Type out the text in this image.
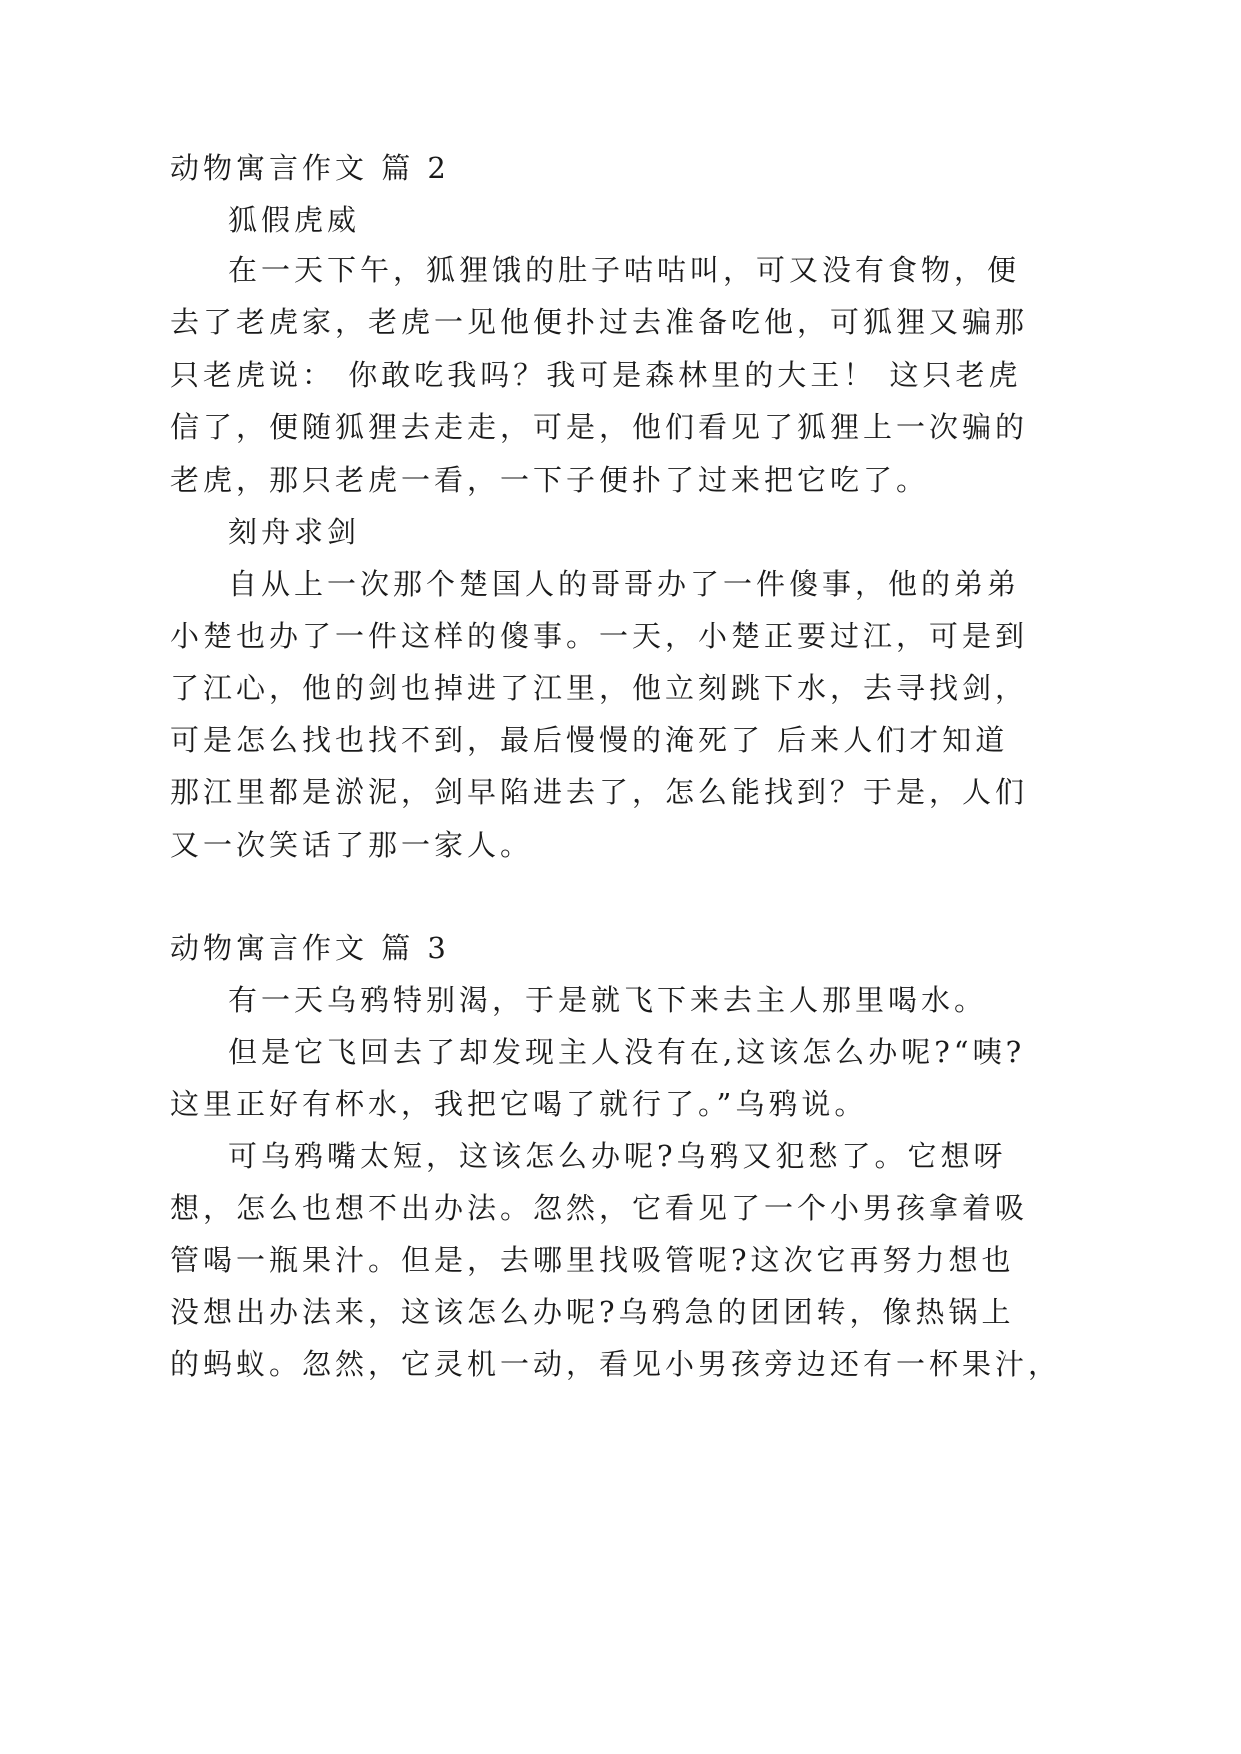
动物寓言作文 篇 2
狐假虎威
在一天下午，狐狸饿的肚子咕咕叫，可又没有食物，便
去了老虎家，老虎一见他便扑过去准备吃他，可狐狸又骗那
只老虎说： 你敢吃我吗？我可是森林里的大王！ 这只老虎
信了，便随狐狸去走走，可是，他们看见了狐狸上一次骗的
老虎，那只老虎一看，一下子便扑了过来把它吃了。
刻舟求剑
自从上一次那个楚国人的哥哥办了一件傻事，他的弟弟
小楚也办了一件这样的傻事。一天，小楚正要过江，可是到
了江心，他的剑也掉进了江里，他立刻跳下水，去寻找剑，
可是怎么找也找不到，最后慢慢的淹死了 后来人们才知道
那江里都是淤泥，剑早陷进去了，怎么能找到？于是，人们
又一次笑话了那一家人。
动物寓言作文 篇 3
有一天乌鸦特别渴，于是就飞下来去主人那里喝水。
但是它飞回去了却发现主人没有在,这该怎么办呢?“咦?
这里正好有杯水，我把它喝了就行了。”乌鸦说。
可乌鸦嘴太短，这该怎么办呢?乌鸦又犯愁了。它想呀
想，怎么也想不出办法。忽然，它看见了一个小男孩拿着吸
管喝一瓶果汁。但是，去哪里找吸管呢?这次它再努力想也
没想出办法来，这该怎么办呢?乌鸦急的团团转，像热锅上
的蚂蚁。忽然，它灵机一动，看见小男孩旁边还有一杯果汁，
